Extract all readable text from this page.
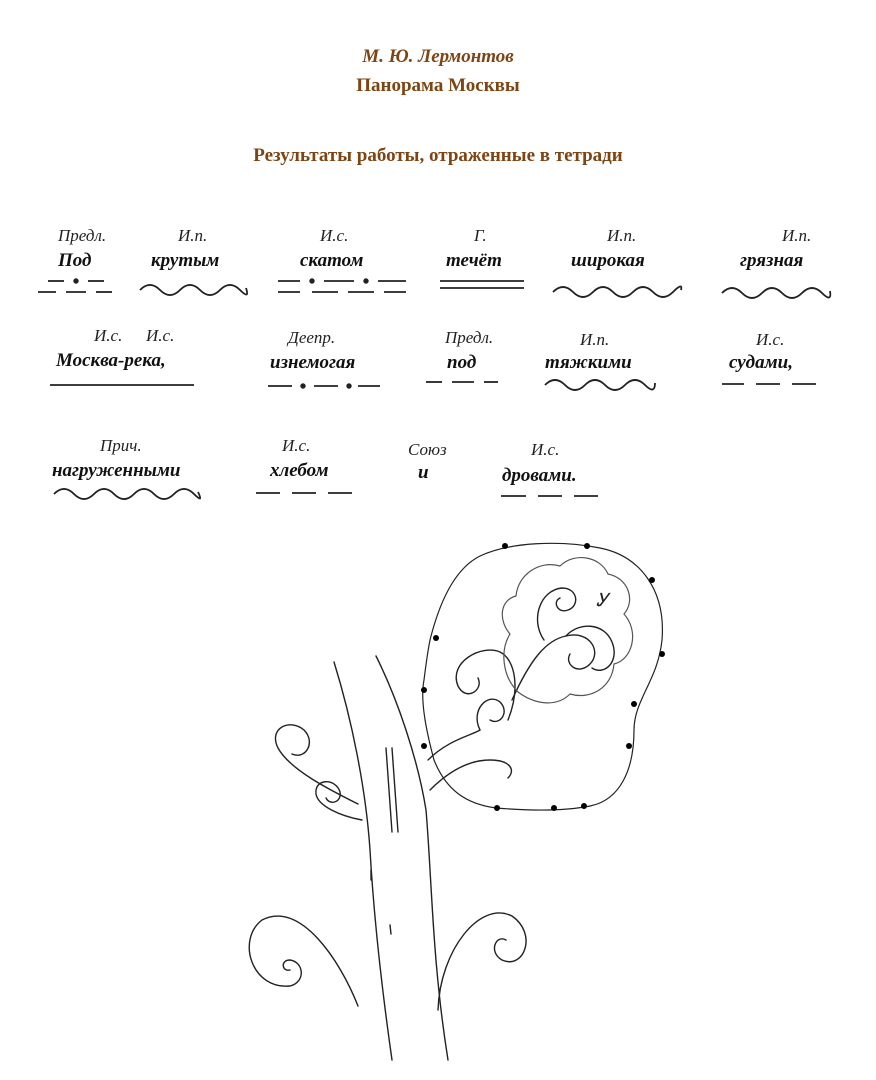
М. Ю. Лермонтов
Панорама Москвы
Результаты работы, отраженные в тетради
Предл.
Под
И.п.
крутым
И.с.
скатом
Г.
течёт
И.п.
широкая
И.п.
грязная
И.с. И.с.
Москва-река,
Деепр.
изнемогая
Предл.
под
И.п.
тяжкими
И.с.
судами,
Прич.
нагруженными
И.с.
хлебом
Союз
и
И.с.
дровами.
Ꭹ
